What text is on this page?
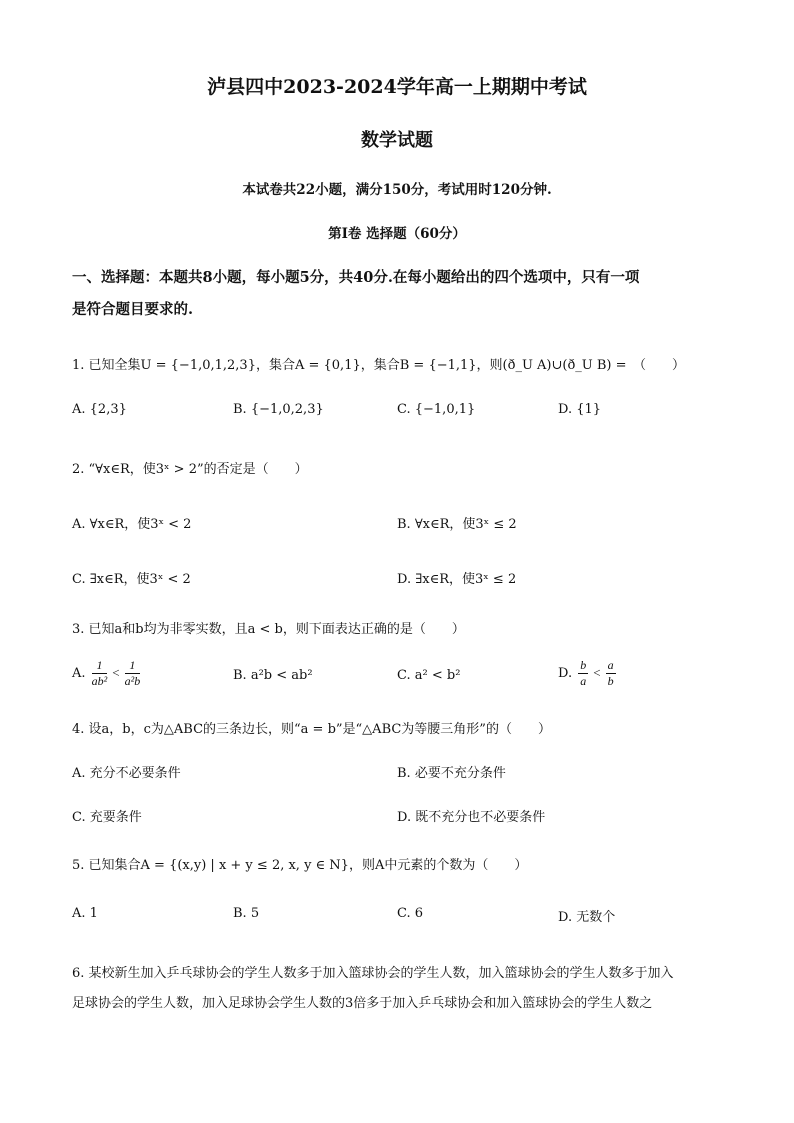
泸县四中2023-2024学年高一上期期中考试
数学试题
本试卷共22小题，满分150分，考试用时120分钟.
第I卷 选择题（60分）
一、选择题：本题共8小题，每小题5分，共40分.在每小题给出的四个选项中，只有一项
是符合题目要求的.
1. 已知全集U = {−1,0,1,2,3}，集合A = {0,1}，集合B = {−1,1}，则(ð_U A)∪(ð_U B) =　（　　）
A. {2,3}	B. {−1,0,2,3}	C. {−1,0,1}	D. {1}
2. “∀x∈R，使3ˣ > 2”的否定是（　　）
A. ∀x∈R，使3ˣ < 2	B. ∀x∈R，使3ˣ ≤ 2
C. ∃x∈R，使3ˣ < 2	D. ∃x∈R，使3ˣ ≤ 2
3. 已知a和b均为非零实数，且a < b，则下面表达正确的是（　　）
A. $\frac{1}{\text{ab²}} < \frac{1}{\text{a²b}}$	B. a²b < ab²	C. a² < b²	D. $\frac{b}{a} < \frac{a}{b}$
4. 设a，b，c为△ABC的三条边长，则“a = b”是“△ABC为等腰三角形”的（　　）
A. 充分不必要条件	B. 必要不充分条件
C. 充要条件	D. 既不充分也不必要条件
5. 已知集合A = {(x,y) | x + y ≤ 2, x, y ∈ N}，则A中元素的个数为（　　）
A. 1	B. 5	C. 6	D. 无数个
6. 某校新生加入乒乓球协会的学生人数多于加入篮球协会的学生人数，加入篮球协会的学生人数多于加入
足球协会的学生人数，加入足球协会学生人数的3倍多于加入乒乓球协会和加入篮球协会的学生人数之
